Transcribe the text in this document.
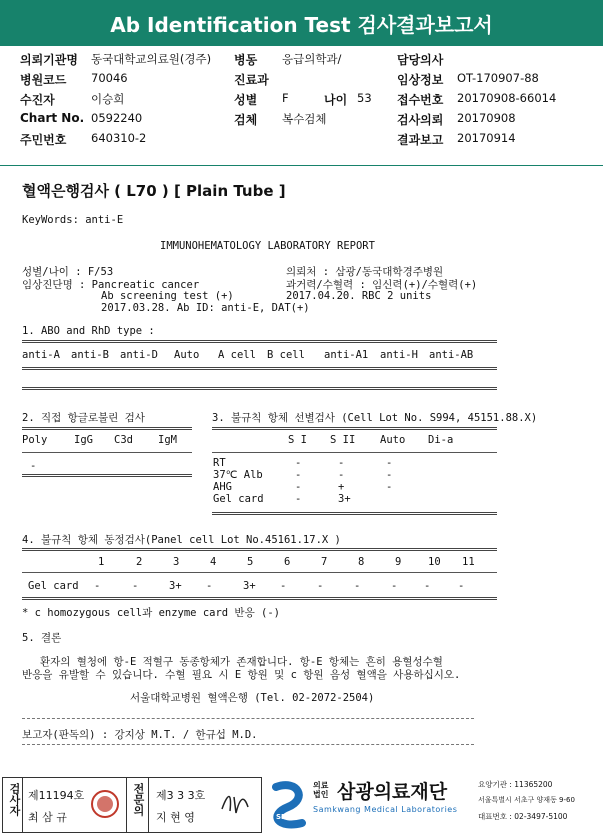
Ab Identification Test 검사결과보고서
의뢰기관명 동국대학교의료원(경주) 병동 응급의학과/	담당의사
병원코드 70046	진료과	임상정보 OT-170907-88
수진자	이승희	성별 F	나이 53 접수번호 20170908-66014
Chart No. 0592240	검체 복수검체	검사의뢰 20170908
주민번호 640310-2	결과보고 20170914
혈액은행검사 ( L70 ) [ Plain Tube ]
KeyWords: anti-E
IMMUNOHEMATOLOGY LABORATORY REPORT
성별/나이 : F/53	의뢰처 : 삼광/동국대학경주병원
임상진단명 : Pancreatic cancer	과거력/수혈력 : 임신력(+)/수혈력(+)
Ab screening test (+)	2017.04.20. RBC 2 units
2017.03.28. Ab ID: anti-E, DAT(+)
1. ABO and RhD type :
anti-A anti-B anti-D Auto A cell B cell anti-A1 anti-H anti-AB
2. 직접 항글로불린 검사
Poly	IgG C3d IgM
-
3. 불규칙 항체 선별검사 (Cell Lot No. S994, 45151.88.X)
S I S II Auto Di-a
RT	-	-	-
37℃ Alb	-	-	-
AHG	-	+	-
Gel card	-	3+
4. 불규칙 항체 동정검사(Panel cell Lot No.45161.17.X )
1	2	3	4	5	6	7	8	9	10 11
Gel card -	-	3+ -	3+ -	-	-	-	-	-
* c homozygous cell과 enzyme card 반응 (-)
5. 결론
환자의 혈청에 항-E 적혈구 동종항체가 존재합니다. 항-E 항체는 흔히 용혈성수혈
반응을 유발할 수 있습니다. 수혈 필요 시 E 항원 및 c 항원 음성 혈액을 사용하십시오.
서울대학교병원 혈액은행 (Tel. 02-2072-2504)
보고자(판독의) : 강지상 M.T. / 한규섭 M.D.
검사자 제11194호
최 삼 규
전문의 제3 3 3호
지 현 영	SML
의료법인 삼광의료재단
Samkwang Medical Laboratories
요양기관 : 11365200
서울특별시 서초구 양재동 9-60
대표번호 : 02-3497-5100
